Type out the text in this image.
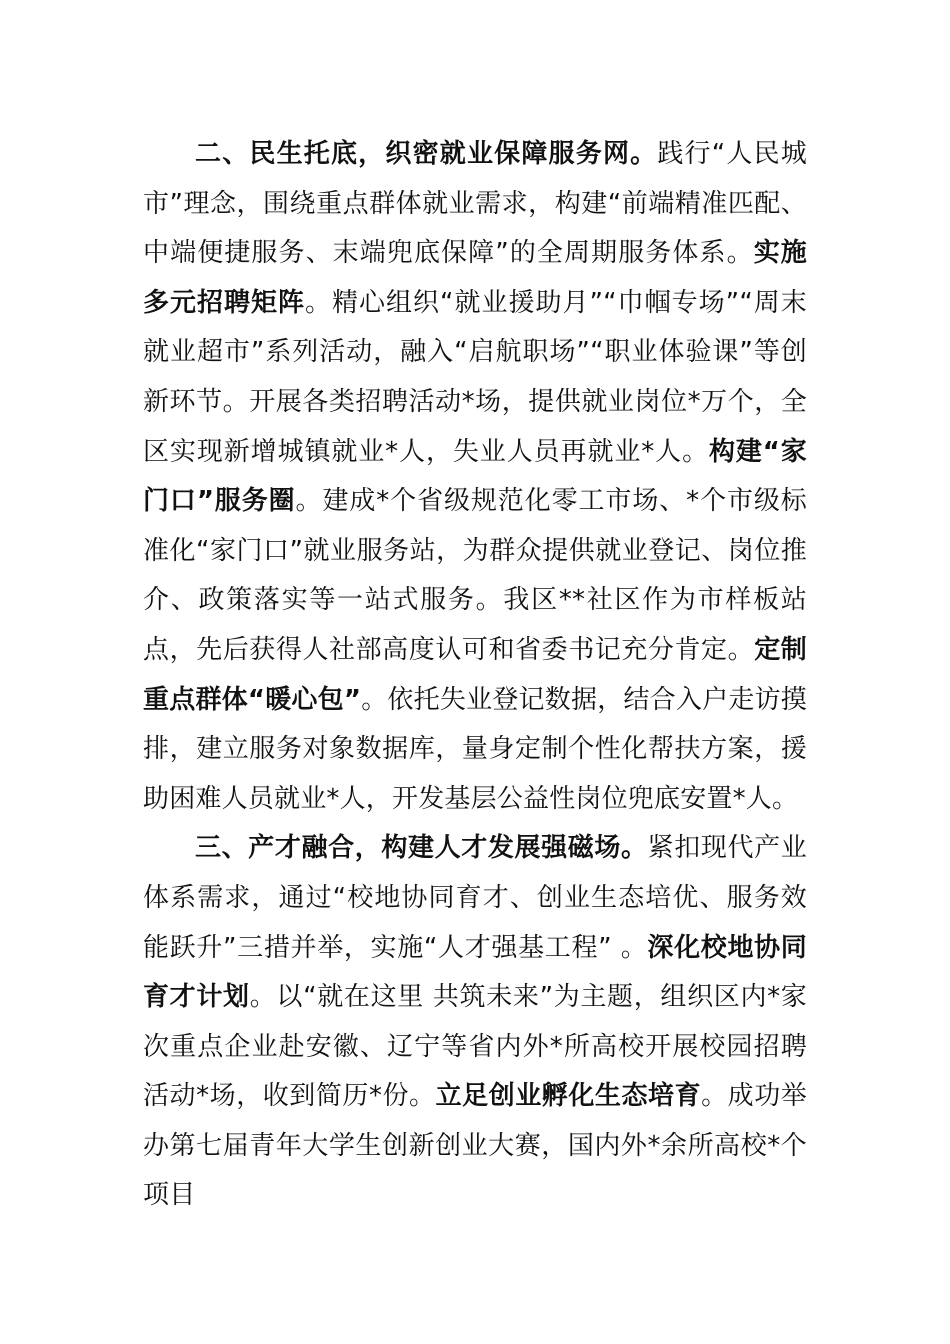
二、民生托底，织密就业保障服务网。践行“人民城市”理念，围绕重点群体就业需求，构建“前端精准匹配、中端便捷服务、末端兜底保障”的全周期服务体系。实施多元招聘矩阵。精心组织“就业援助月”“巾帼专场”“周末就业超市”系列活动，融入“启航职场”“职业体验课”等创新环节。开展各类招聘活动*场，提供就业岗位*万个，全区实现新增城镇就业*人，失业人员再就业*人。构建“家门口”服务圈。建成*个省级规范化零工市场、*个市级标准化“家门口”就业服务站，为群众提供就业登记、岗位推介、政策落实等一站式服务。我区**社区作为市样板站点，先后获得人社部高度认可和省委书记充分肯定。定制重点群体“暖心包”。依托失业登记数据，结合入户走访摸排，建立服务对象数据库，量身定制个性化帮扶方案，援助困难人员就业*人，开发基层公益性岗位兜底安置*人。

三、产才融合，构建人才发展强磁场。紧扣现代产业体系需求，通过“校地协同育才、创业生态培优、服务效能跃升”三措并举，实施“人才强基工程” 。深化校地协同育才计划。以“就在这里 共筑未来”为主题，组织区内*家次重点企业赴安徽、辽宁等省内外*所高校开展校园招聘活动*场，收到简历*份。立足创业孵化生态培育。成功举办第七届青年大学生创新创业大赛，国内外*余所高校*个项目
